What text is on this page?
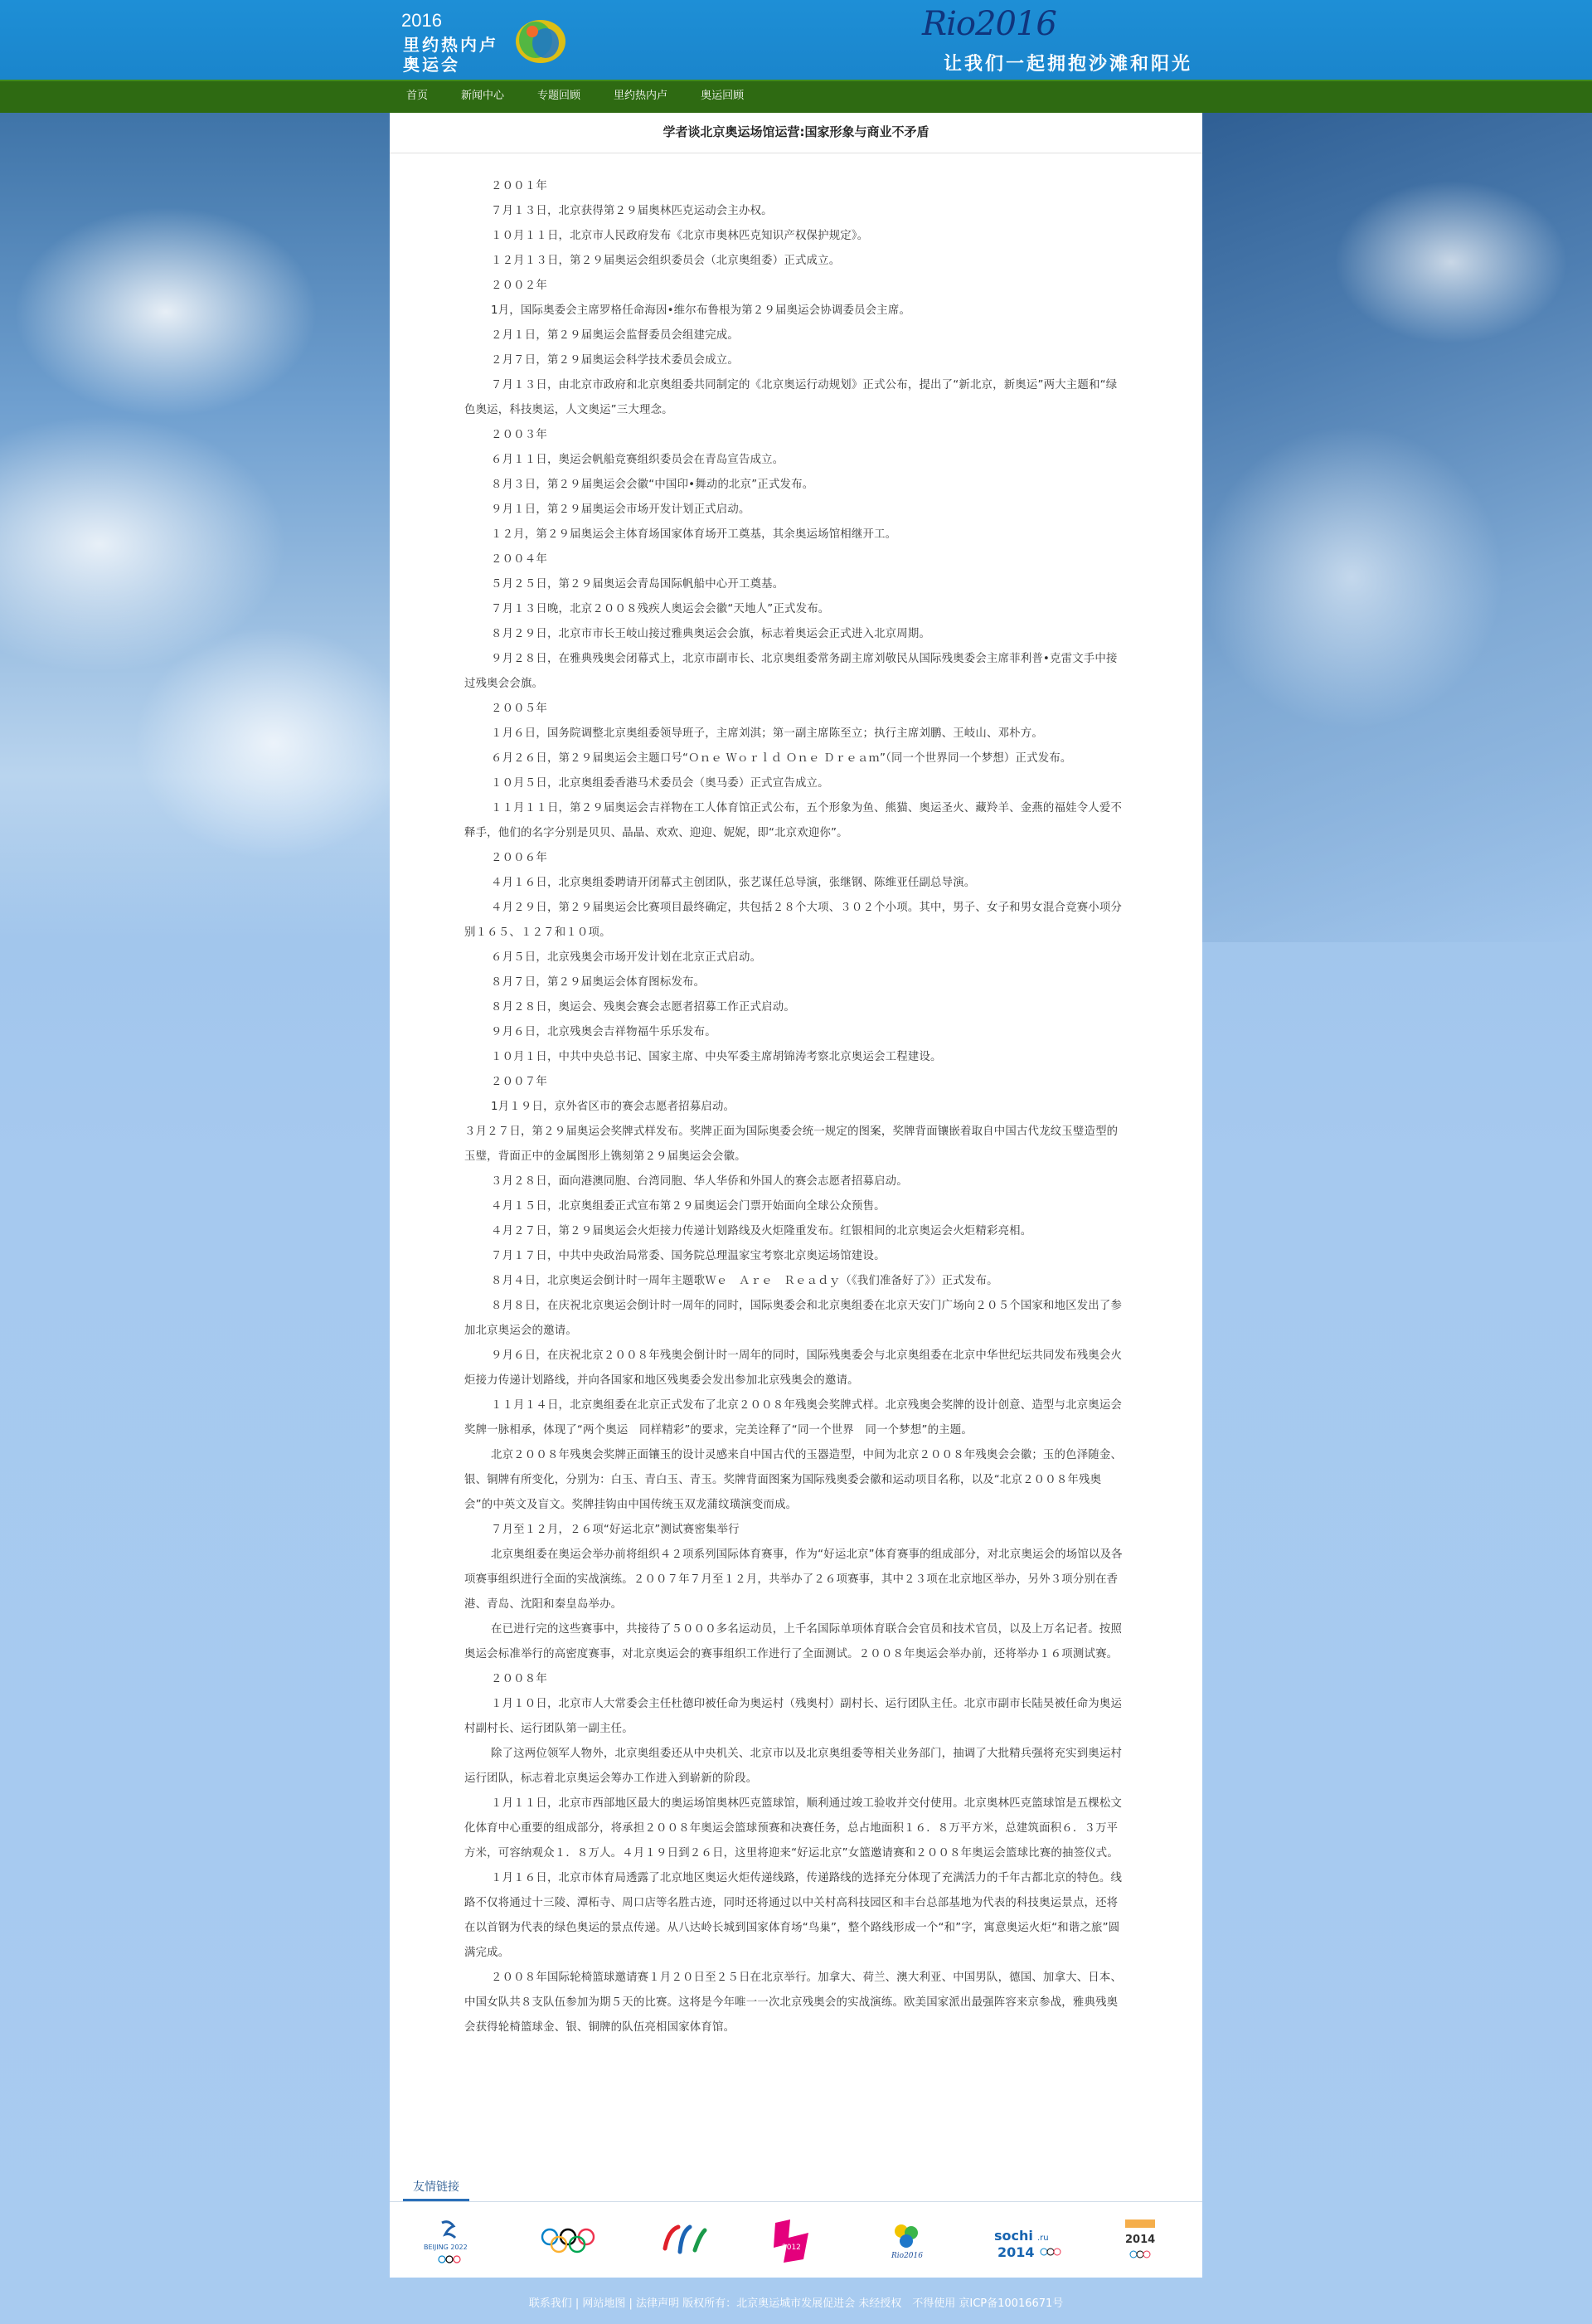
2016
里约热内卢
奥运会
Rio2016
让我们一起拥抱沙滩和阳光
首页	新闻中心	专题回顾	里约热内卢	奥运回顾
学者谈北京奥运场馆运营:国家形象与商业不矛盾

２００１年

７月１３日，北京获得第２９届奥林匹克运动会主办权。

１０月１１日，北京市人民政府发布《北京市奥林匹克知识产权保护规定》。

１２月１３日，第２９届奥运会组织委员会（北京奥组委）正式成立。

２００２年

1月，国际奥委会主席罗格任命海因•维尔布鲁根为第２９届奥运会协调委员会主席。

２月１日，第２９届奥运会监督委员会组建完成。

２月７日，第２９届奥运会科学技术委员会成立。

７月１３日，由北京市政府和北京奥组委共同制定的《北京奥运行动规划》正式公布，提出了“新北京，新奥运”两大主题和“绿色奥运，科技奥运，人文奥运”三大理念。

２００３年

６月１１日，奥运会帆船竞赛组织委员会在青岛宣告成立。

８月３日，第２９届奥运会会徽“中国印•舞动的北京”正式发布。

９月１日，第２９届奥运会市场开发计划正式启动。

１２月，第２９届奥运会主体育场国家体育场开工奠基，其余奥运场馆相继开工。

２００４年

５月２５日，第２９届奥运会青岛国际帆船中心开工奠基。

７月１３日晚，北京２００８残疾人奥运会会徽“天地人”正式发布。

８月２９日，北京市市长王岐山接过雅典奥运会会旗，标志着奥运会正式进入北京周期。

９月２８日，在雅典残奥会闭幕式上，北京市副市长、北京奥组委常务副主席刘敬民从国际残奥委会主席菲利普•克雷文手中接过残奥会会旗。

２００５年

１月６日，国务院调整北京奥组委领导班子，主席刘淇；第一副主席陈至立；执行主席刘鹏、王岐山、邓朴方。

６月２６日，第２９届奥运会主题口号“Ｏｎｅ Ｗｏｒｌｄ Ｏｎｅ Ｄｒｅａｍ”（同一个世界同一个梦想）正式发布。

１０月５日，北京奥组委香港马术委员会（奥马委）正式宣告成立。

１１月１１日，第２９届奥运会吉祥物在工人体育馆正式公布，五个形象为鱼、熊猫、奥运圣火、藏羚羊、金燕的福娃令人爱不释手，他们的名字分别是贝贝、晶晶、欢欢、迎迎、妮妮，即“北京欢迎你”。

２００６年

４月１６日，北京奥组委聘请开闭幕式主创团队，张艺谋任总导演，张继钢、陈维亚任副总导演。

４月２９日，第２９届奥运会比赛项目最终确定，共包括２８个大项、３０２个小项。其中，男子、女子和男女混合竞赛小项分别１６５、１２７和１０项。

６月５日，北京残奥会市场开发计划在北京正式启动。

８月７日，第２９届奥运会体育图标发布。

８月２８日，奥运会、残奥会赛会志愿者招募工作正式启动。

９月６日，北京残奥会吉祥物福牛乐乐发布。

１０月１日，中共中央总书记、国家主席、中央军委主席胡锦涛考察北京奥运会工程建设。

２００７年

1月１９日，京外省区市的赛会志愿者招募启动。

３月２７日，第２９届奥运会奖牌式样发布。奖牌正面为国际奥委会统一规定的图案，奖牌背面镶嵌着取自中国古代龙纹玉璧造型的玉璧，背面正中的金属图形上镌刻第２９届奥运会会徽。

３月２８日，面向港澳同胞、台湾同胞、华人华侨和外国人的赛会志愿者招募启动。

４月１５日，北京奥组委正式宣布第２９届奥运会门票开始面向全球公众预售。

４月２７日，第２９届奥运会火炬接力传递计划路线及火炬隆重发布。红银相间的北京奥运会火炬精彩亮相。

７月１７日，中共中央政治局常委、国务院总理温家宝考察北京奥运场馆建设。

８月４日，北京奥运会倒计时一周年主题歌Ｗｅ　Ａｒｅ　Ｒｅａｄｙ（《我们准备好了》）正式发布。

８月８日，在庆祝北京奥运会倒计时一周年的同时，国际奥委会和北京奥组委在北京天安门广场向２０５个国家和地区发出了参加北京奥运会的邀请。

９月６日，在庆祝北京２００８年残奥会倒计时一周年的同时，国际残奥委会与北京奥组委在北京中华世纪坛共同发布残奥会火炬接力传递计划路线，并向各国家和地区残奥委会发出参加北京残奥会的邀请。

１１月１４日，北京奥组委在北京正式发布了北京２００８年残奥会奖牌式样。北京残奥会奖牌的设计创意、造型与北京奥运会奖牌一脉相承，体现了“两个奥运　同样精彩”的要求，完美诠释了“同一个世界　同一个梦想”的主题。

北京２００８年残奥会奖牌正面镶玉的设计灵感来自中国古代的玉器造型，中间为北京２００８年残奥会会徽；玉的色泽随金、银、铜牌有所变化，分别为：白玉、青白玉、青玉。奖牌背面图案为国际残奥委会徽和运动项目名称，以及“北京２００８年残奥会”的中英文及盲文。奖牌挂钩由中国传统玉双龙蒲纹璜演变而成。

７月至１２月，２６项“好运北京”测试赛密集举行

北京奥组委在奥运会举办前将组织４２项系列国际体育赛事，作为“好运北京”体育赛事的组成部分，对北京奥运会的场馆以及各项赛事组织进行全面的实战演练。２００７年７月至１２月，共举办了２６项赛事，其中２３项在北京地区举办，另外３项分别在香港、青岛、沈阳和秦皇岛举办。

在已进行完的这些赛事中，共接待了５０００多名运动员，上千名国际单项体育联合会官员和技术官员，以及上万名记者。按照奥运会标准举行的高密度赛事，对北京奥运会的赛事组织工作进行了全面测试。２００８年奥运会举办前，还将举办１６项测试赛。

２００８年

１月１０日，北京市人大常委会主任杜德印被任命为奥运村（残奥村）副村长、运行团队主任。北京市副市长陆昊被任命为奥运村副村长、运行团队第一副主任。

除了这两位领军人物外，北京奥组委还从中央机关、北京市以及北京奥组委等相关业务部门，抽调了大批精兵强将充实到奥运村运行团队，标志着北京奥运会筹办工作进入到崭新的阶段。

１月１１日，北京市西部地区最大的奥运场馆奥林匹克篮球馆，顺利通过竣工验收并交付使用。北京奥林匹克篮球馆是五棵松文化体育中心重要的组成部分，将承担２００８年奥运会篮球预赛和决赛任务，总占地面积１６．８万平方米，总建筑面积６．３万平方米，可容纳观众１．８万人。４月１９日到２６日，这里将迎来“好运北京”女篮邀请赛和２００８年奥运会篮球比赛的抽签仪式。

１月１６日，北京市体育局透露了北京地区奥运火炬传递线路，传递路线的选择充分体现了充满活力的千年古都北京的特色。线路不仅将通过十三陵、潭柘寺、周口店等名胜古迹，同时还将通过以中关村高科技园区和丰台总部基地为代表的科技奥运景点，还将在以首钢为代表的绿色奥运的景点传递。从八达岭长城到国家体育场“鸟巢”，整个路线形成一个“和”字，寓意奥运火炬“和谐之旅”圆满完成。

２００８年国际轮椅篮球邀请赛１月２０日至２５日在北京举行。加拿大、荷兰、澳大利亚、中国男队，德国、加拿大、日本、中国女队共８支队伍参加为期５天的比赛。这将是今年唯一一次北京残奥会的实战演练。欧美国家派出最强阵容来京参战，雅典残奥会获得轮椅篮球金、银、铜牌的队伍亮相国家体育馆。

友情链接
BEIJING 2022	2012
Rio2016
sochi .ru
2014
2014
联系我们 | 网站地图 | 法律声明 版权所有：北京奥运城市发展促进会 未经授权　不得使用 京ICP备10016671号
